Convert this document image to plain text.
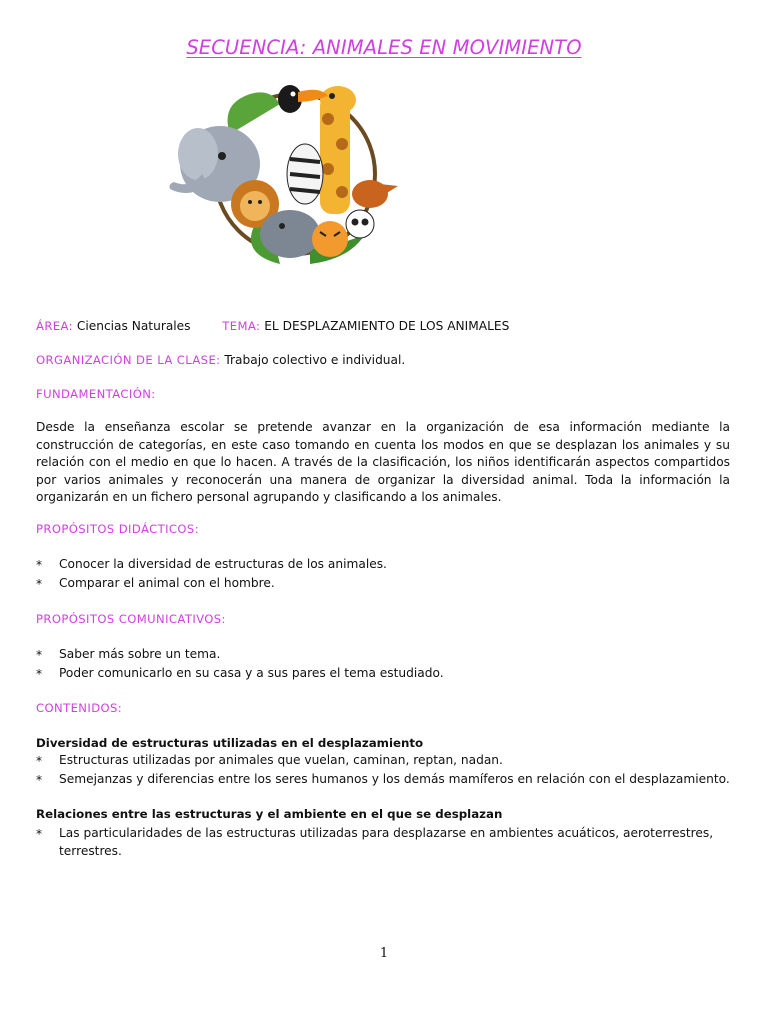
SECUENCIA: ANIMALES EN MOVIMIENTO
ÁREA: Ciencias Naturales	TEMA: EL DESPLAZAMIENTO DE LOS ANIMALES
ORGANIZACIÓN DE LA CLASE: Trabajo colectivo e individual.
FUNDAMENTACIÓN:
Desde la enseñanza escolar se pretende avanzar en la organización de esa información mediante la construcción de categorías, en este caso tomando en cuenta los modos en que se desplazan los animales y su relación con el medio en que lo hacen. A través de la clasificación, los niños identificarán aspectos compartidos por varios animales y reconocerán una manera de organizar la diversidad animal. Toda la información la organizarán en un fichero personal agrupando y clasificando a los animales.
PROPÓSITOS DIDÁCTICOS:
* Conocer la diversidad de estructuras de los animales.
* Comparar el animal con el hombre.
PROPÓSITOS COMUNICATIVOS:
* Saber más sobre un tema.
* Poder comunicarlo en su casa y a sus pares el tema estudiado.
CONTENIDOS:
Diversidad de estructuras utilizadas en el desplazamiento
* Estructuras utilizadas por animales que vuelan, caminan, reptan, nadan.
* Semejanzas y diferencias entre los seres humanos y los demás mamíferos en relación con el desplazamiento.
Relaciones entre las estructuras y el ambiente en el que se desplazan
* Las particularidades de las estructuras utilizadas para desplazarse en ambientes acuáticos, aeroterrestres, terrestres.
1
